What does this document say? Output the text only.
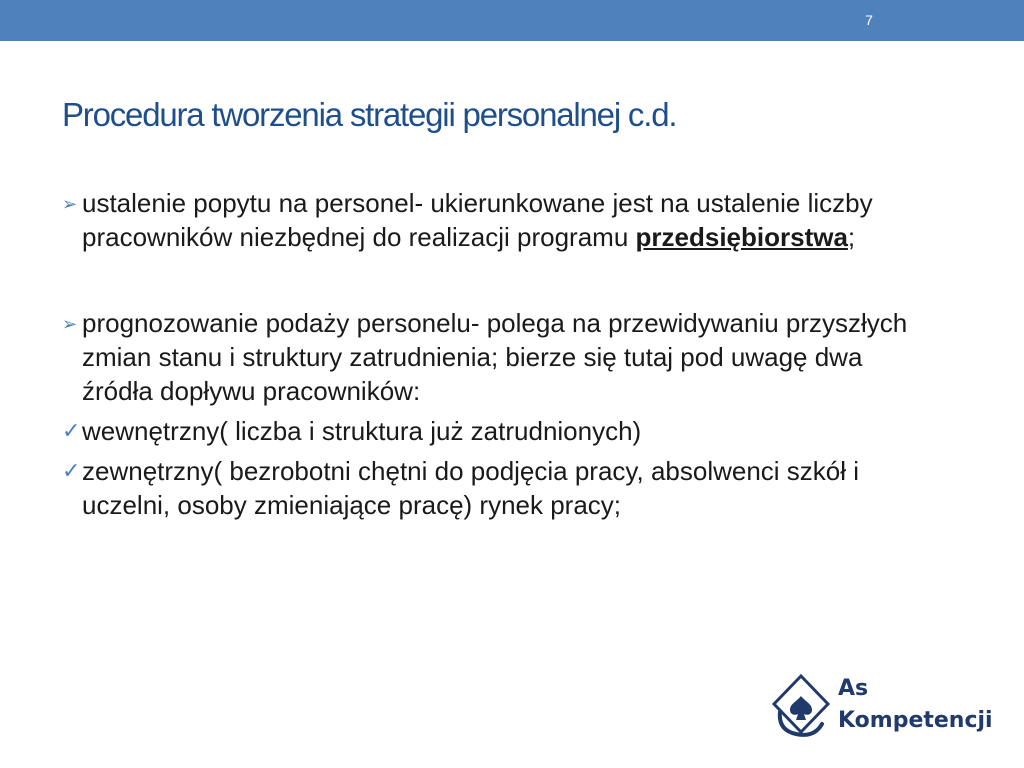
7
Procedura tworzenia strategii personalnej c.d.
➢ ustalenie popytu na personel- ukierunkowane jest na ustalenie liczby pracowników niezbędnej do realizacji programu przedsiębiorstwa;
➢ prognozowanie podaży personelu- polega na przewidywaniu przyszłych zmian stanu i struktury zatrudnienia; bierze się tutaj pod uwagę dwa źródła dopływu pracowników:
✓ wewnętrzny( liczba i struktura już zatrudnionych)
✓ zewnętrzny( bezrobotni chętni do podjęcia pracy, absolwenci szkół i uczelni, osoby zmieniające pracę) rynek pracy;
As
Kompetencji
